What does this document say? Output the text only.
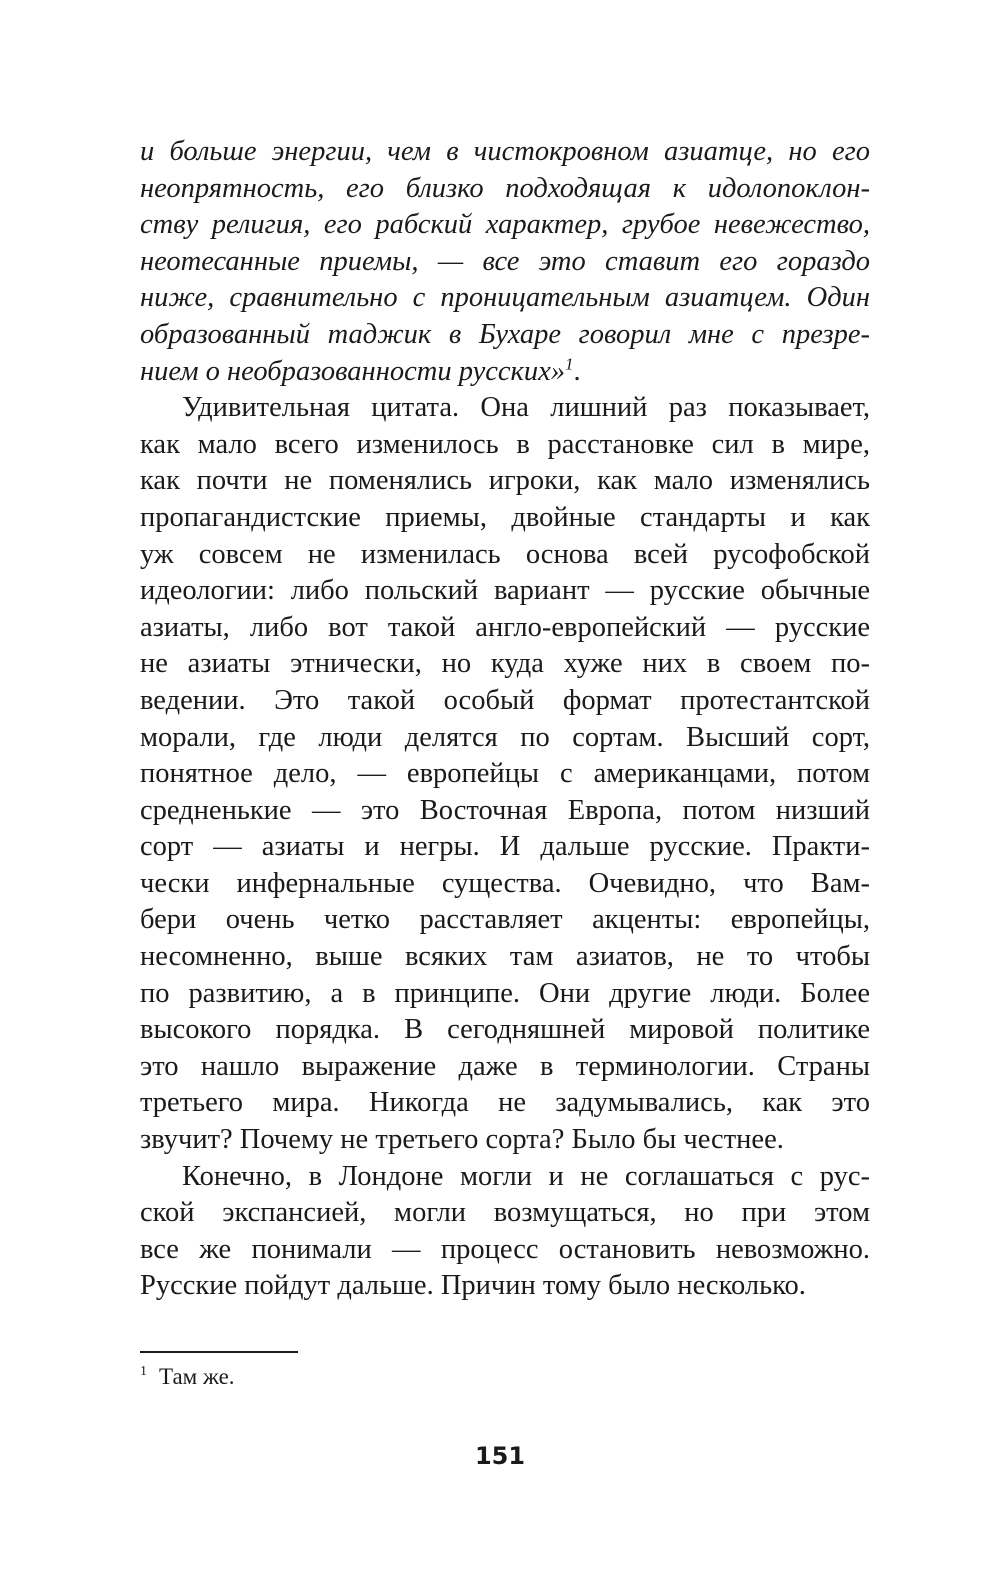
и больше энергии, чем в чистокровном азиатце, но его
неопрятность, его близко подходящая к идолопоклон-
ству религия, его рабский характер, грубое невежество,
неотесанные приемы, — все это ставит его гораздо
ниже, сравнительно с проницательным азиатцем. Один
образованный таджик в Бухаре говорил мне с презре-
нием о необразованности русских»$^1$.
Удивительная цитата. Она лишний раз показывает,
как мало всего изменилось в расстановке сил в мире,
как почти не поменялись игроки, как мало изменялись
пропагандистские приемы, двойные стандарты и как
уж совсем не изменилась основа всей русофобской
идеологии: либо польский вариант — русские обычные
азиаты, либо вот такой англо-европейский — русские
не азиаты этнически, но куда хуже них в своем по-
ведении. Это такой особый формат протестантской
морали, где люди делятся по сортам. Высший сорт,
понятное дело, — европейцы с американцами, потом
средненькие — это Восточная Европа, потом низший
сорт — азиаты и негры. И дальше русские. Практи-
чески инфернальные существа. Очевидно, что Вам-
бери очень четко расставляет акценты: европейцы,
несомненно, выше всяких там азиатов, не то чтобы
по развитию, а в принципе. Они другие люди. Более
высокого порядка. В сегодняшней мировой политике
это нашло выражение даже в терминологии. Страны
третьего мира. Никогда не задумывались, как это
звучит? Почему не третьего сорта? Было бы честнее.
Конечно, в Лондоне могли и не соглашаться с рус-
ской экспансией, могли возмущаться, но при этом
все же понимали — процесс остановить невозможно.
Русские пойдут дальше. Причин тому было несколько.
$^1$ Там же.
151
